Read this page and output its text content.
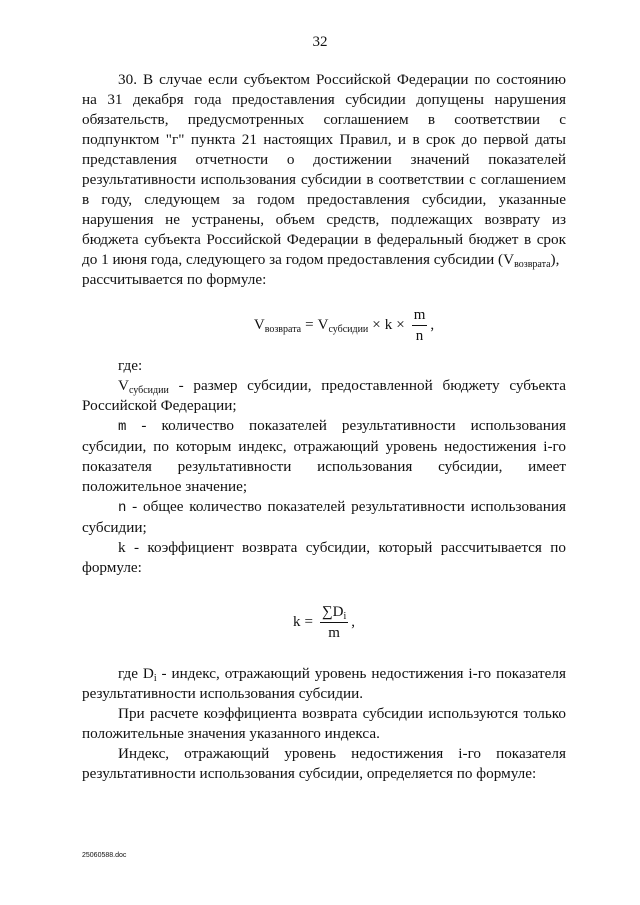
32

30. В случае если субъектом Российской Федерации по состоянию на 31 декабря года предоставления субсидии допущены нарушения обязательств, предусмотренных соглашением в соответствии с подпунктом "г" пункта 21 настоящих Правил, и в срок до первой даты представления отчетности о достижении значений показателей результативности использования субсидии в соответствии с соглашением в году, следующем за годом предоставления субсидии, указанные нарушения не устранены, объем средств, подлежащих возврату из бюджета субъекта Российской Федерации в федеральный бюджет в срок до 1 июня года, следующего за годом предоставления субсидии $(V_{возврата})$,

рассчитывается по формуле:

$V_{возврата} = V_{субсидии} \times k \times \frac{m}{n}$ ,

где:

$V_{субсидии}$ - размер субсидии, предоставленной бюджету субъекта Российской Федерации;

m - количество показателей результативности использования субсидии, по которым индекс, отражающий уровень недостижения i-го показателя результативности использования субсидии, имеет положительное значение;

n - общее количество показателей результативности использования субсидии;

k - коэффициент возврата субсидии, который рассчитывается по формуле:

$k = \frac{\sum D_i}{m}$ ,

где $D_i$ - индекс, отражающий уровень недостижения i-го показателя результативности использования субсидии.

При расчете коэффициента возврата субсидии используются только положительные значения указанного индекса.

Индекс, отражающий уровень недостижения i-го показателя результативности использования субсидии, определяется по формуле:

25060588.doc
